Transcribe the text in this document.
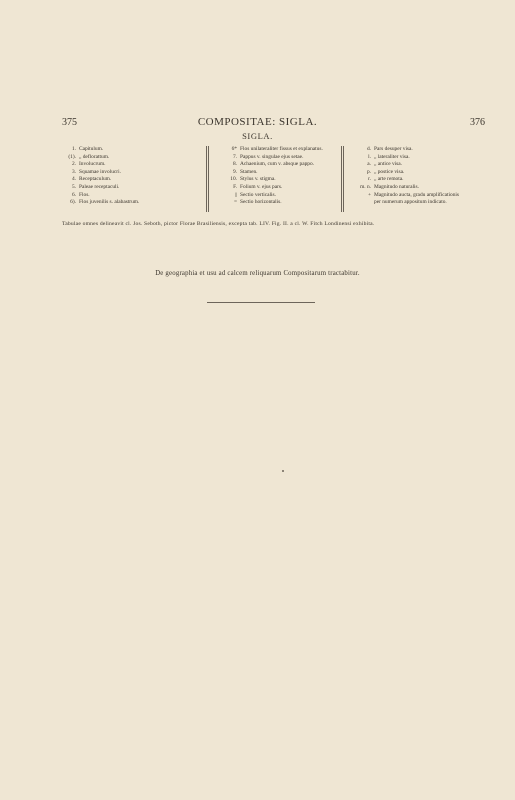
375	COMPOSITAE: SIGLA.	376
SIGLA.
1. Capitulum.
(1). „ deflorattum.
2. Involucrum.
3. Squamae involucri.
4. Receptaculum.
5. Paleae receptaculi.
6. Flos.
6). Flos juvenilis s. alabastrum.
6* Flos unilateraliter fissus et explanatus.
7. Pappus v. singulae ejus setae.
8. Achaenium, cum v. absque pappo.
9. Stamen.
10. Stylus v. stigma.
F. Folium v. ejus pars.
|| Sectio verticalis.
= Sectio horizontalis.
d. Pars desuper visa.
l. „ lateraliter visa.
a. „ antice visa.
p. „ postice visa.
r. „ arte remota.
m. n. Magnitudo naturalis.
+ Magnitudo aucta, gradu amplificationis
per numerum appositum indicato.
Tabulae omnes delineavit cl. Jos. Seboth, pictor Florae Brasiliensis, excepta tab. LIV. Fig. II. a cl. W. Fitch Londinensi exhibita.
De geographia et usu ad calcem reliquarum Compositarum tractabitur.
